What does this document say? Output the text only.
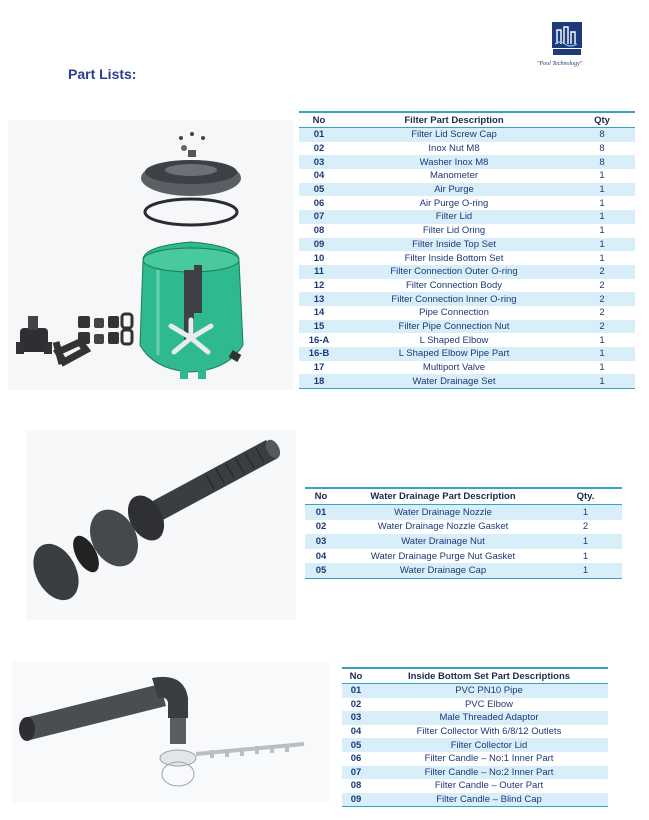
Part Lists:
"Pool Technology"
No	Filter Part Description	Qty
01	Filter Lid Screw Cap	8
02	Inox Nut M8	8
03	Washer Inox M8	8
04	Manometer	1
05	Air Purge	1
06	Air Purge O-ring	1
07	Filter Lid	1
08	Filter Lid Oring	1
09	Filter Inside Top Set	1
10	Filter Inside Bottom Set	1
11	Filter Connection Outer O-ring	2
12	Filter Connection Body	2
13	Filter Connection Inner O-ring	2
14	Pipe Connection	2
15	Filter Pipe Connection Nut	2
16-A	L Shaped Elbow	1
16-B	L Shaped Elbow Pipe Part	1
17	Multiport Valve	1
18	Water Drainage Set	1
No	Water Drainage Part Description	Qty.
01	Water Drainage Nozzle	1
02	Water Drainage Nozzle Gasket	2
03	Water Drainage Nut	1
04	Water Drainage Purge Nut Gasket	1
05	Water Drainage Cap	1
No	Inside Bottom Set Part Descriptions
01	PVC PN10 Pipe
02	PVC Elbow
03	Male Threaded Adaptor
04	Filter Collector With 6/8/12 Outlets
05	Filter Collector Lid
06	Filter Candle – No:1 Inner Part
07	Filter Candle – No:2 Inner Part
08	Filter Candle – Outer Part
09	Filter Candle – Blind Cap
